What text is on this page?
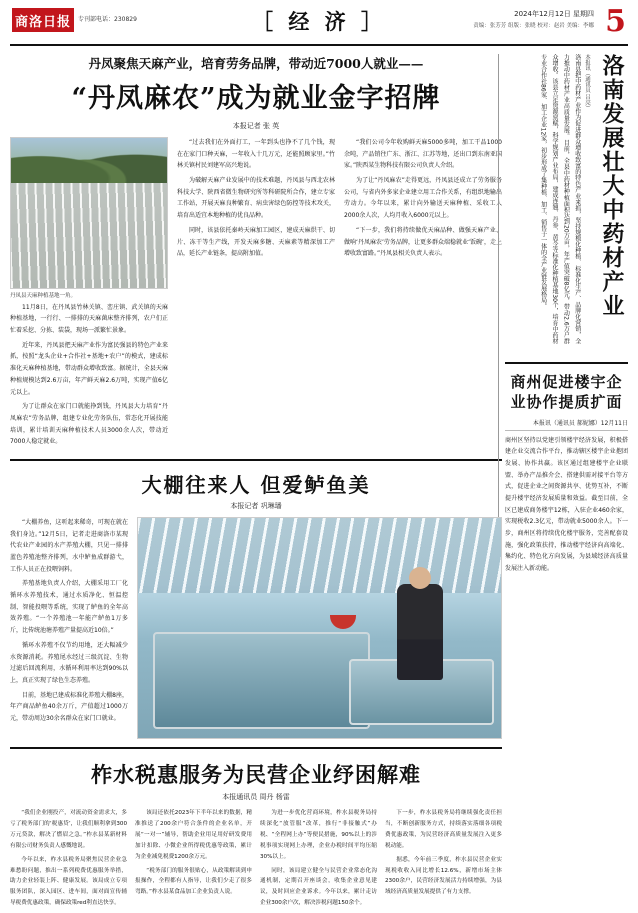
商洛日报	专刊部电话：230829	［ 经 济 ］	2024年12月12日 星期四
责编：张芳芳 组版：张晓 校对：赵岩 美编：李娜 5
洛南发展壮大中药材产业
本报讯（通讯员 吕亮）
洛南县把中药材产业作为促进群众增收致富的特色产业来抓，坚持规模化种植、标准化生产、品牌化营销，全力推动中药材产业高质量发展。目前，全县中药材种植面积达到20万亩，年产值突破8亿元，带动2.6万户群众增收。该县立足资源禀赋，科学规划产业布局，建成连翘、丹参、黄芩等标准化种植基地30个，培育中药材专业合作社86家、加工企业12家，初步形成了集种植、加工、销售于一体的全产业链发展格局。
商州促进楼宇企业协作提质扩面
本报讯（通讯员 郝妮娜）12月11日
商州区坚持以党建引领楼宇经济发展，积极搭建企业交流合作平台，推动辖区楼宇企业抱团发展、协作共赢。该区通过组建楼宇企业联盟、举办产品推介会、搭建供需对接平台等方式，促进企业之间资源共享、优势互补，不断提升楼宇经济发展质量和效益。截至目前，全区已建成商务楼宇12栋，入驻企业460余家，实现税收2.3亿元，带动就业5000余人。下一步，商州区将持续优化楼宇服务，完善配套设施，强化政策扶持，推动楼宇经济向高端化、集约化、特色化方向发展，为县域经济高质量发展注入新动能。
丹凤聚焦天麻产业，培育劳务品牌，带动近7000人就业——
“丹凤麻农”成为就业金字招牌
本报记者 张 英
丹凤县天麻种植基地一角。

11月8日，在丹凤县竹林关镇、峦庄镇、武关镇的天麻种植基地，一行行、一排排的天麻菌床整齐排列，农户们正忙着采挖、分拣、装袋，现场一派繁忙景象。

近年来，丹凤县把天麻产业作为富民强县的特色产业来抓，按照“龙头企业+合作社+基地+农户”的模式，建成标准化天麻种植基地，带动群众增收致富。据统计，全县天麻种植规模达到2.6万亩，年产鲜天麻2.6万吨，实现产值6亿元以上。

为了让群众在家门口就能挣到钱，丹凤县大力培育“丹凤麻农”劳务品牌，组建专业化劳务队伍，常态化开展技能培训，累计培训天麻种植技术人员3000余人次，带动近7000人稳定就业。

“过去我们在外面打工，一年到头也挣不了几个钱，现在在家门口种天麻，一年收入十几万元，还能照顾家里。”竹林关镇村民刘建军高兴地说。

为破解天麻产业发展中的技术难题，丹凤县与西北农林科技大学、陕西省微生物研究所等科研院所合作，建立专家工作站，开展天麻良种繁育、病虫害绿色防控等技术攻关，培育出适宜本地种植的优良品种。

同时，该县依托秦岭天麻加工园区，建成天麻烘干、切片、冻干等生产线，开发天麻多糖、天麻素等精深加工产品，延长产业链条，提高附加值。

“我们公司今年收购鲜天麻5000多吨，加工干品1000余吨，产品销往广东、浙江、江苏等地，还出口到东南亚国家。”陕西某生物科技有限公司负责人介绍。

为了让“丹凤麻农”走得更远，丹凤县还成立了劳务服务公司，与省内外多家企业建立用工合作关系，有组织地输出劳动力。今年以来，累计向外输送天麻种植、采收工人2000余人次，人均月收入6000元以上。

“下一步，我们将持续做优天麻品种、做强天麻产业、做响‘丹凤麻农’劳务品牌，让更多群众端稳就业‘饭碗’，走上增收致富路。”丹凤县相关负责人表示。

大棚往来人 但爱鲈鱼美
本报记者 巩琳璠

“大棚养鱼，这听起来稀奇，可现在就在我们身边。”12月5日，记者走进商洛市某现代农业产业园的水产养殖大棚，只见一排排蓝色养殖池整齐排列，水中鲈鱼成群游弋，工作人员正在投喂饲料。

养殖基地负责人介绍，大棚采用工厂化循环水养殖技术，通过水质净化、恒温控制、智能投喂等系统，实现了鲈鱼的全年高效养殖。“一个养殖池一年能产鲈鱼1万多斤，比传统池塘养殖产量提高近10倍。”

循环水养殖不仅节约用地，还大幅减少水资源消耗。养殖尾水经过三级沉淀、生物过滤后回流利用，水循环利用率达到90%以上，真正实现了绿色生态养殖。

目前，基地已建成标准化养殖大棚8座，年产商品鲈鱼40余万斤，产值超过1000万元，带动周边30余名群众在家门口就业。

柞水税惠服务为民营企业纾困解难
本报通讯员 周丹 杨雷

“我们企业刚投产，对流动资金需求大，多亏了税务部门的‘税惠贷’，让我们顺利拿到300万元贷款，解决了燃眉之急。”柞水县某新材料有限公司财务负责人感慨地说。

今年以来，柞水县税务局聚焦民营企业急难愁盼问题，推出一系列税费优惠服务举措，助力企业轻装上阵、健康发展。该局成立专项服务团队，深入园区、进车间，面对面宣传辅导税费优惠政策，确保政策red利直达快享。

该局还依托2023年下半年以来的数据，精准推送了200余户符合条件的企业名单，开展“一对一”辅导，帮助企业用足用好研发费用加计扣除、小微企业所得税优惠等政策，累计为企业减免税费1200余万元。

“税务部门的服务很贴心，从政策解读到申报操作，全程都有人指导，让我们少走了很多弯路。”柞水县某食品加工企业负责人说。

为进一步优化营商环境，柞水县税务局持续深化“放管服”改革，推行“非接触式”办税、“全程网上办”等便民措施，90%以上的涉税事项实现网上办理，企业办税时间平均压缩30%以上。

同时，该局建立健全与民营企业常态化沟通机制，定期召开座谈会，收集企业意见建议，及时回应企业诉求。今年以来，累计走访企业300余户次，解决涉税问题150余个。

下一步，柞水县税务局将继续强化责任担当，不断创新服务方式，持续落实落细各项税费优惠政策，为民营经济高质量发展注入更多税动能。

据悉，今年前三季度，柞水县民营企业实现税收收入同比增长12.6%，新增市场主体2300余户，民营经济发展活力持续增强，为县域经济高质量发展提供了有力支撑。
